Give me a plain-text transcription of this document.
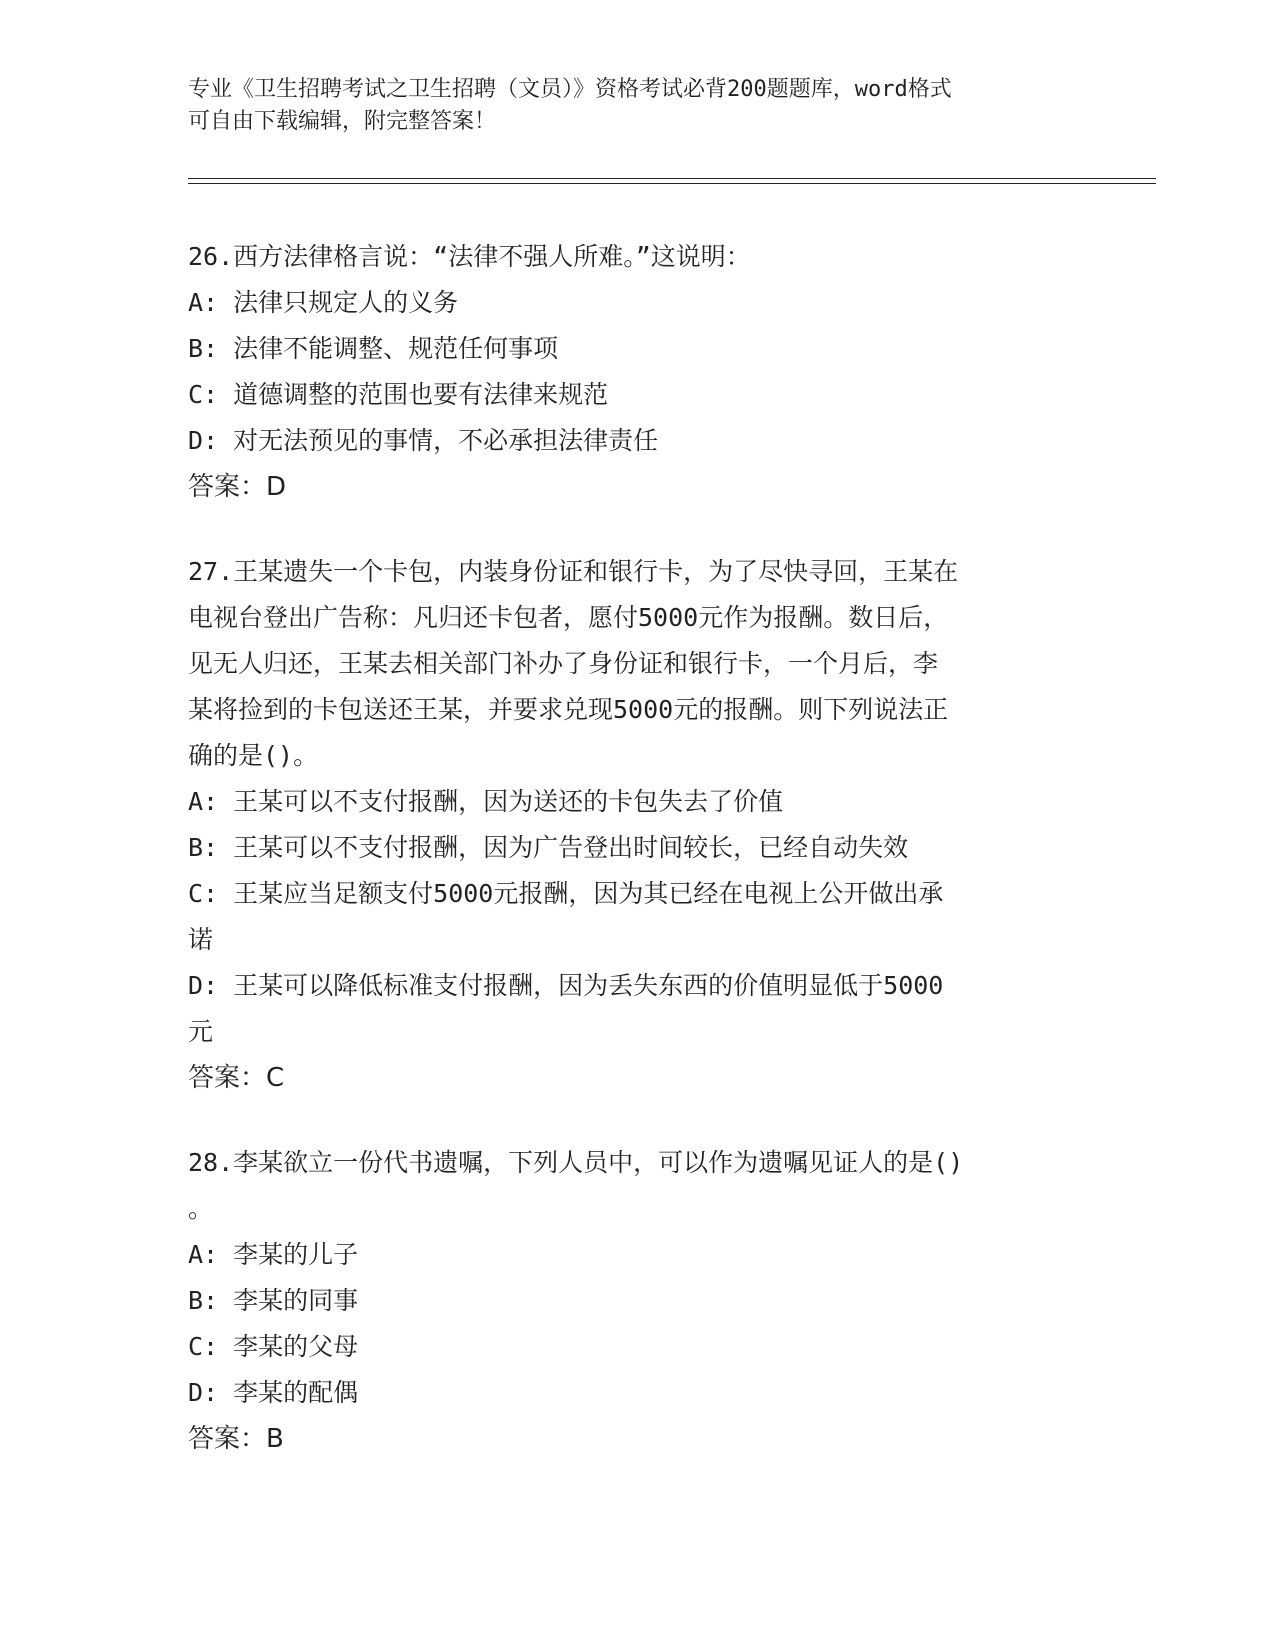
专业《卫生招聘考试之卫生招聘（文员）》资格考试必背200题题库，word格式
可自由下载编辑，附完整答案！
26.西方法律格言说：“法律不强人所难。”这说明：
A: 法律只规定人的义务
B: 法律不能调整、规范任何事项
C: 道德调整的范围也要有法律来规范
D: 对无法预见的事情，不必承担法律责任
答案：D
27.王某遗失一个卡包，内装身份证和银行卡，为了尽快寻回，王某在
电视台登出广告称：凡归还卡包者，愿付5000元作为报酬。数日后，
见无人归还，王某去相关部门补办了身份证和银行卡，一个月后，李
某将捡到的卡包送还王某，并要求兑现5000元的报酬。则下列说法正
确的是()。
A: 王某可以不支付报酬，因为送还的卡包失去了价值
B: 王某可以不支付报酬，因为广告登出时间较长，已经自动失效
C: 王某应当足额支付5000元报酬，因为其已经在电视上公开做出承
诺
D: 王某可以降低标准支付报酬，因为丢失东西的价值明显低于5000
元
答案：C
28.李某欲立一份代书遗嘱，下列人员中，可以作为遗嘱见证人的是()
。
A: 李某的儿子
B: 李某的同事
C: 李某的父母
D: 李某的配偶
答案：B
